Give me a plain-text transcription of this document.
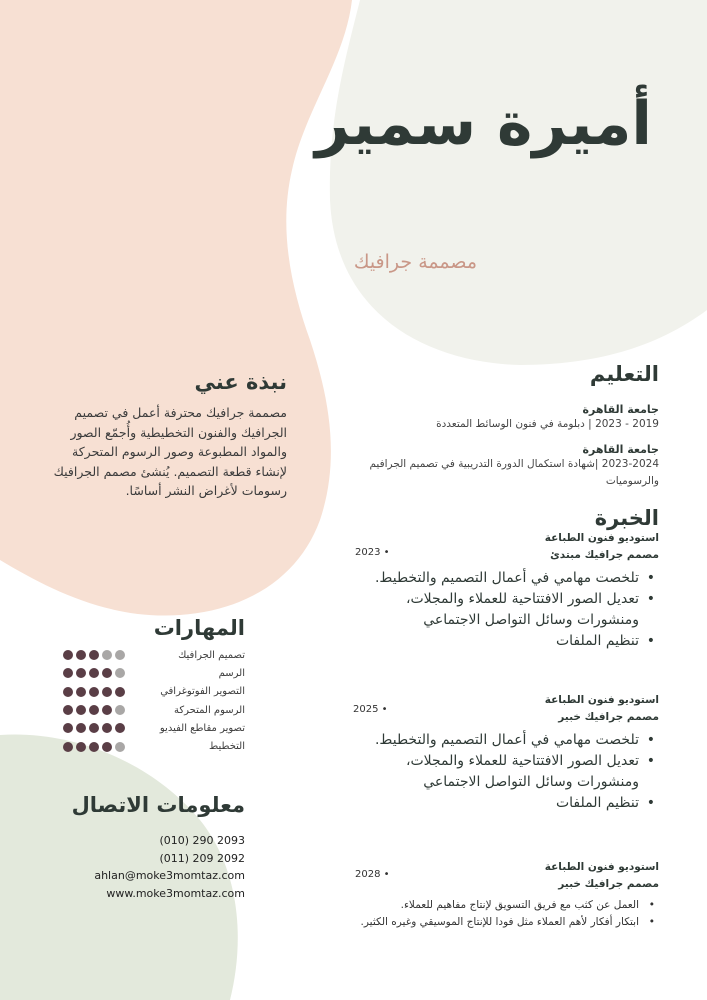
أميرة سمير
مصممة جرافيك
نبذة عني
مصممة جرافيك محترفة أعمل في تصميم الجرافيك والفنون التخطيطية وأُجمّع الصور والمواد المطبوعة وصور الرسوم المتحركة لإنشاء قطعة التصميم. يُنشئ مصمم الجرافيك رسومات لأغراض النشر أساسًا.
المهارات
تصميم الجرافيك
الرسم
التصوير الفوتوغرافي
الرسوم المتحركة
تصوير مقاطع الفيديو
التخطيط
معلومات الاتصال
(010) 290 2093
(011) 209 2092
ahlan@moke3momtaz.com
www.moke3momtaz.com
التعليم
جامعة القاهرة
2019 - 2023 | دبلومة في فنون الوسائط المتعددة
جامعة القاهرة
2023-2024 |شهادة استكمال الدورة التدريبية في تصميم الجرافيم والرسوميات
الخبرة
استوديو فنون الطباعة
مصمم جرافيك مبتدئ
• تلخصت مهامي في أعمال التصميم والتخطيط.
• تعديل الصور الافتتاحية للعملاء والمجلات، ومنشورات وسائل التواصل الاجتماعي
• تنظيم الملفات
2023 •
استوديو فنون الطباعة
مصمم جرافيك خبير
• تلخصت مهامي في أعمال التصميم والتخطيط.
• تعديل الصور الافتتاحية للعملاء والمجلات، ومنشورات وسائل التواصل الاجتماعي
• تنظيم الملفات
2025 •
استوديو فنون الطباعة
مصمم جرافيك خبير
• العمل عن كثب مع فريق التسويق لإنتاج مفاهيم للعملاء.
• ابتكار أفكار لأهم العملاء مثل فودا للإنتاج الموسيقي وغيره الكثير.
2028 •
